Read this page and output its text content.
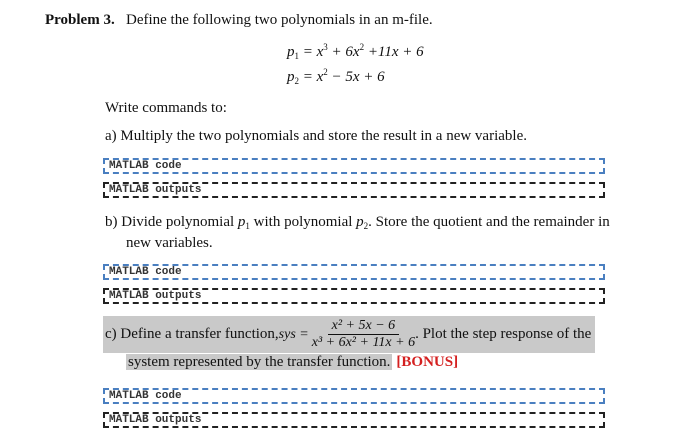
Problem 3. Define the following two polynomials in an m-file.
$p_1 = x^3 + 6x^2 +11x + 6$
$p_2 = x^2 - 5x + 6$
Write commands to:
a) Multiply the two polynomials and store the result in a new variable.
MATLAB code
MATLAB outputs
b) Divide polynomial $p_1$ with polynomial $p_2$. Store the quotient and the remainder in
new variables.
MATLAB code
MATLAB outputs
c) Define a transfer function, sys = $\frac{\text{x² + 5x − 6}}{\text{x³ + 6x² + 11x + 6}}$ . Plot the step response of the
system represented by the transfer function. [BONUS]
MATLAB code
MATLAB outputs
